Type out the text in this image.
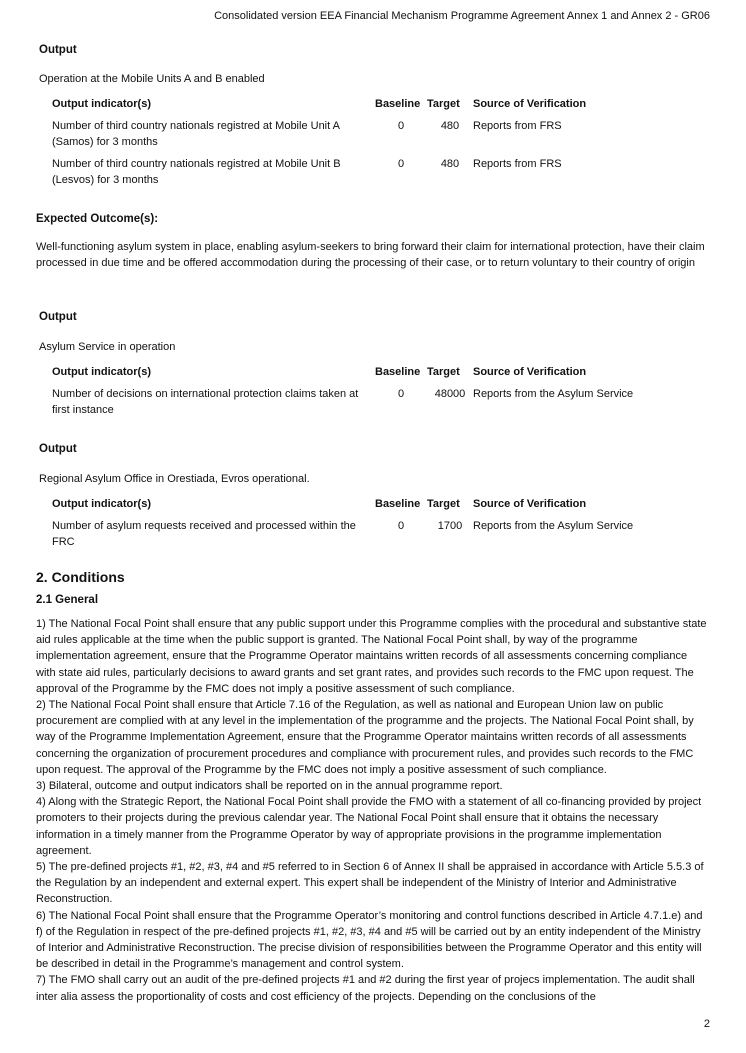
Consolidated version EEA Financial Mechanism Programme Agreement Annex 1 and Annex 2 - GR06
Output
Operation at the Mobile Units A and B enabled
Output indicator(s)	Baseline	Target	Source of Verification
Number of third country nationals registred at Mobile Unit A (Samos) for 3 months	0	480	Reports from FRS
Number of third country nationals registred at Mobile Unit B (Lesvos) for 3 months	0	480	Reports from FRS
Expected Outcome(s):
Well-functioning asylum system in place, enabling asylum-seekers to bring forward their claim for international protection, have their claim processed in due time and be offered accommodation during the processing of their case, or to return voluntary to their country of origin
Output
Asylum Service in operation
Output indicator(s)	Baseline	Target	Source of Verification
Number of decisions on international protection claims taken at first instance	0	48000	Reports from the Asylum Service
Output
Regional Asylum Office in Orestiada, Evros operational.
Output indicator(s)	Baseline	Target	Source of Verification
Number of asylum requests received and processed within the FRC	0	1700	Reports from the Asylum Service
2. Conditions
2.1 General

1) The National Focal Point shall ensure that any public support under this Programme complies with the procedural and substantive state aid rules applicable at the time when the public support is granted. The National Focal Point shall, by way of the programme implementation agreement, ensure that the Programme Operator maintains written records of all assessments concerning compliance with state aid rules, particularly decisions to award grants and set grant rates, and provides such records to the FMC upon request. The approval of the Programme by the FMC does not imply a positive assessment of such compliance.

2) The National Focal Point shall ensure that Article 7.16 of the Regulation, as well as national and European Union law on public procurement are complied with at any level in the implementation of the programme and the projects. The National Focal Point shall, by way of the Programme Implementation Agreement, ensure that the Programme Operator maintains written records of all assessments concerning the organization of procurement procedures and compliance with procurement rules, and provides such records to the FMC upon request. The approval of the Programme by the FMC does not imply a positive assessment of such compliance.

3) Bilateral, outcome and output indicators shall be reported on in the annual programme report.

4) Along with the Strategic Report, the National Focal Point shall provide the FMO with a statement of all co-financing provided by project promoters to their projects during the previous calendar year. The National Focal Point shall ensure that it obtains the necessary information in a timely manner from the Programme Operator by way of appropriate provisions in the programme implementation agreement.

5) The pre-defined projects #1, #2, #3, #4 and #5 referred to in Section 6 of Annex II shall be appraised in accordance with Article 5.5.3 of the Regulation by an independent and external expert. This expert shall be independent of the Ministry of Interior and Administrative Reconstruction.

6) The National Focal Point shall ensure that the Programme Operator’s monitoring and control functions described in Article 4.7.1.e) and f) of the Regulation in respect of the pre-defined projects #1, #2, #3, #4 and #5 will be carried out by an entity independent of the Ministry of Interior and Administrative Reconstruction. The precise division of responsibilities between the Programme Operator and this entity will be described in detail in the Programme’s management and control system.

7) The FMO shall carry out an audit of the pre-defined projects #1 and #2 during the first year of projecs implementation. The audit shall inter alia assess the proportionality of costs and cost efficiency of the projects. Depending on the conclusions of the

2
